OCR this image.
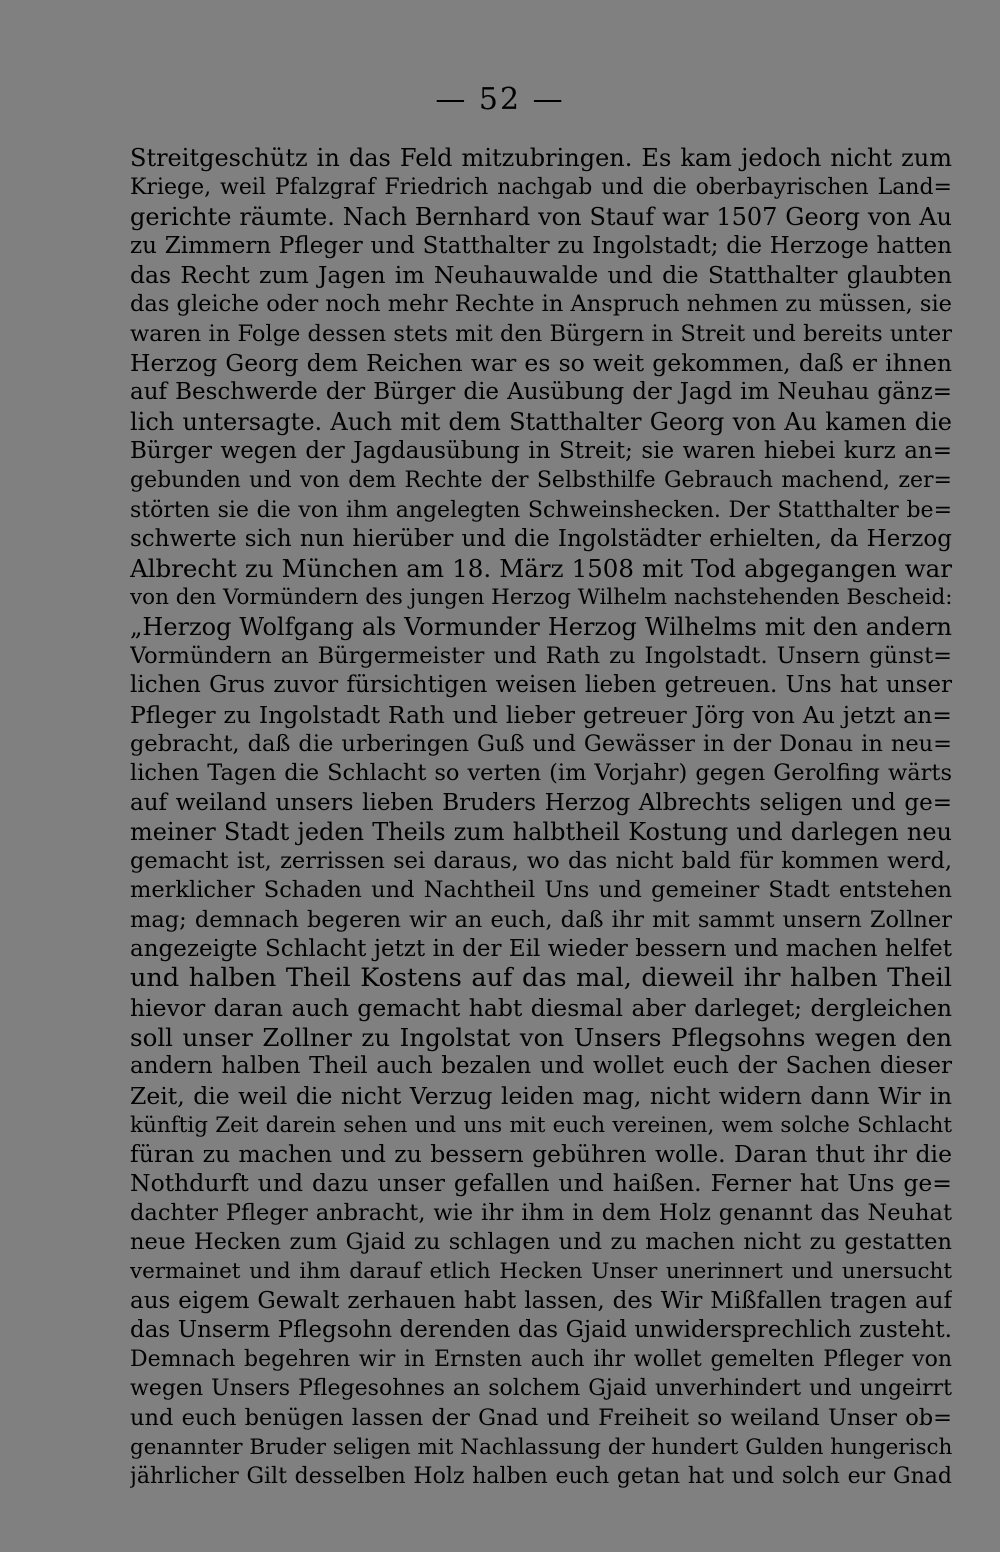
— 52 —
Streitgeschütz in das Feld mitzubringen. Es kam jedoch nicht zum
Kriege, weil Pfalzgraf Friedrich nachgab und die oberbayrischen Land=
gerichte räumte. Nach Bernhard von Stauf war 1507 Georg von Au
zu Zimmern Pfleger und Statthalter zu Ingolstadt; die Herzoge hatten
das Recht zum Jagen im Neuhauwalde und die Statthalter glaubten
das gleiche oder noch mehr Rechte in Anspruch nehmen zu müssen, sie
waren in Folge dessen stets mit den Bürgern in Streit und bereits unter
Herzog Georg dem Reichen war es so weit gekommen, daß er ihnen
auf Beschwerde der Bürger die Ausübung der Jagd im Neuhau gänz=
lich untersagte. Auch mit dem Statthalter Georg von Au kamen die
Bürger wegen der Jagdausübung in Streit; sie waren hiebei kurz an=
gebunden und von dem Rechte der Selbsthilfe Gebrauch machend, zer=
störten sie die von ihm angelegten Schweinshecken. Der Statthalter be=
schwerte sich nun hierüber und die Ingolstädter erhielten, da Herzog
Albrecht zu München am 18. März 1508 mit Tod abgegangen war
von den Vormündern des jungen Herzog Wilhelm nachstehenden Bescheid:
„Herzog Wolfgang als Vormunder Herzog Wilhelms mit den andern
Vormündern an Bürgermeister und Rath zu Ingolstadt. Unsern günst=
lichen Grus zuvor fürsichtigen weisen lieben getreuen. Uns hat unser
Pfleger zu Ingolstadt Rath und lieber getreuer Jörg von Au jetzt an=
gebracht, daß die urberingen Guß und Gewässer in der Donau in neu=
lichen Tagen die Schlacht so verten (im Vorjahr) gegen Gerolfing wärts
auf weiland unsers lieben Bruders Herzog Albrechts seligen und ge=
meiner Stadt jeden Theils zum halbtheil Kostung und darlegen neu
gemacht ist, zerrissen sei daraus, wo das nicht bald für kommen werd,
merklicher Schaden und Nachtheil Uns und gemeiner Stadt entstehen
mag; demnach begeren wir an euch, daß ihr mit sammt unsern Zollner
angezeigte Schlacht jetzt in der Eil wieder bessern und machen helfet
und halben Theil Kostens auf das mal, dieweil ihr halben Theil
hievor daran auch gemacht habt diesmal aber darleget; dergleichen
soll unser Zollner zu Ingolstat von Unsers Pflegsohns wegen den
andern halben Theil auch bezalen und wollet euch der Sachen dieser
Zeit, die weil die nicht Verzug leiden mag, nicht widern dann Wir in
künftig Zeit darein sehen und uns mit euch vereinen, wem solche Schlacht
füran zu machen und zu bessern gebühren wolle. Daran thut ihr die
Nothdurft und dazu unser gefallen und haißen. Ferner hat Uns ge=
dachter Pfleger anbracht, wie ihr ihm in dem Holz genannt das Neuhat
neue Hecken zum Gjaid zu schlagen und zu machen nicht zu gestatten
vermainet und ihm darauf etlich Hecken Unser unerinnert und unersucht
aus eigem Gewalt zerhauen habt lassen, des Wir Mißfallen tragen auf
das Unserm Pflegsohn derenden das Gjaid unwidersprechlich zusteht.
Demnach begehren wir in Ernsten auch ihr wollet gemelten Pfleger von
wegen Unsers Pflegesohnes an solchem Gjaid unverhindert und ungeirrt
und euch benügen lassen der Gnad und Freiheit so weiland Unser ob=
genannter Bruder seligen mit Nachlassung der hundert Gulden hungerisch
jährlicher Gilt desselben Holz halben euch getan hat und solch eur Gnad
